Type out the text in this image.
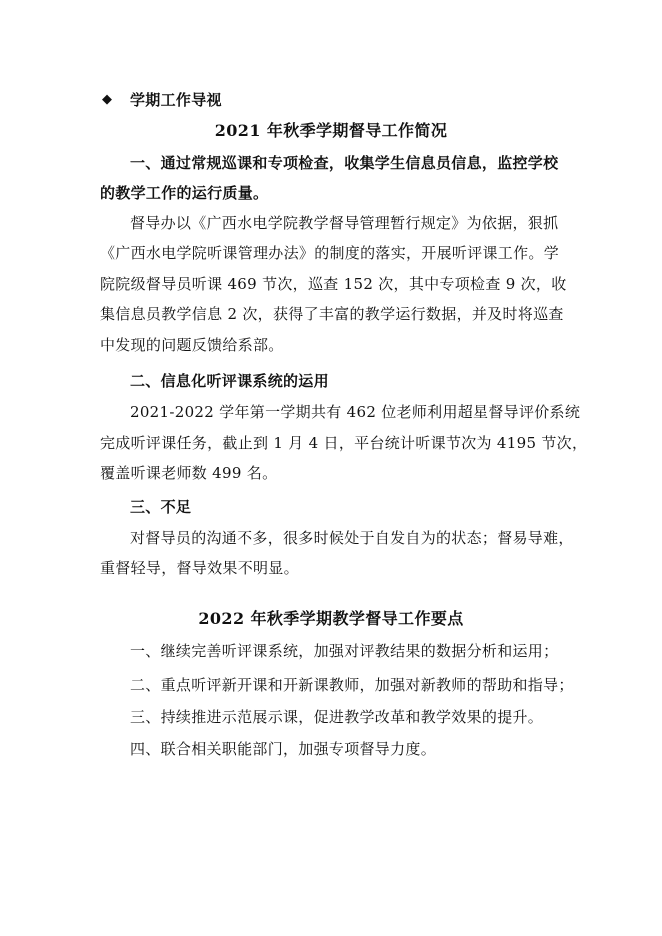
◆ 学期工作导视
2021 年秋季学期督导工作简况
一、通过常规巡课和专项检查，收集学生信息员信息，监控学校
的教学工作的运行质量。
督导办以《广西水电学院教学督导管理暂行规定》为依据，狠抓
《广西水电学院听课管理办法》的制度的落实，开展听评课工作。学
院院级督导员听课 469 节次，巡查 152 次，其中专项检查 9 次，收
集信息员教学信息 2 次，获得了丰富的教学运行数据，并及时将巡查
中发现的问题反馈给系部。
二、信息化听评课系统的运用
2021-2022 学年第一学期共有 462 位老师利用超星督导评价系统
完成听评课任务，截止到 1 月 4 日，平台统计听课节次为 4195 节次，
覆盖听课老师数 499 名。
三、不足
对督导员的沟通不多，很多时候处于自发自为的状态；督易导难，
重督轻导，督导效果不明显。
2022 年秋季学期教学督导工作要点
一、继续完善听评课系统，加强对评教结果的数据分析和运用；
二、重点听评新开课和开新课教师，加强对新教师的帮助和指导；
三、持续推进示范展示课，促进教学改革和教学效果的提升。
四、联合相关职能部门，加强专项督导力度。
